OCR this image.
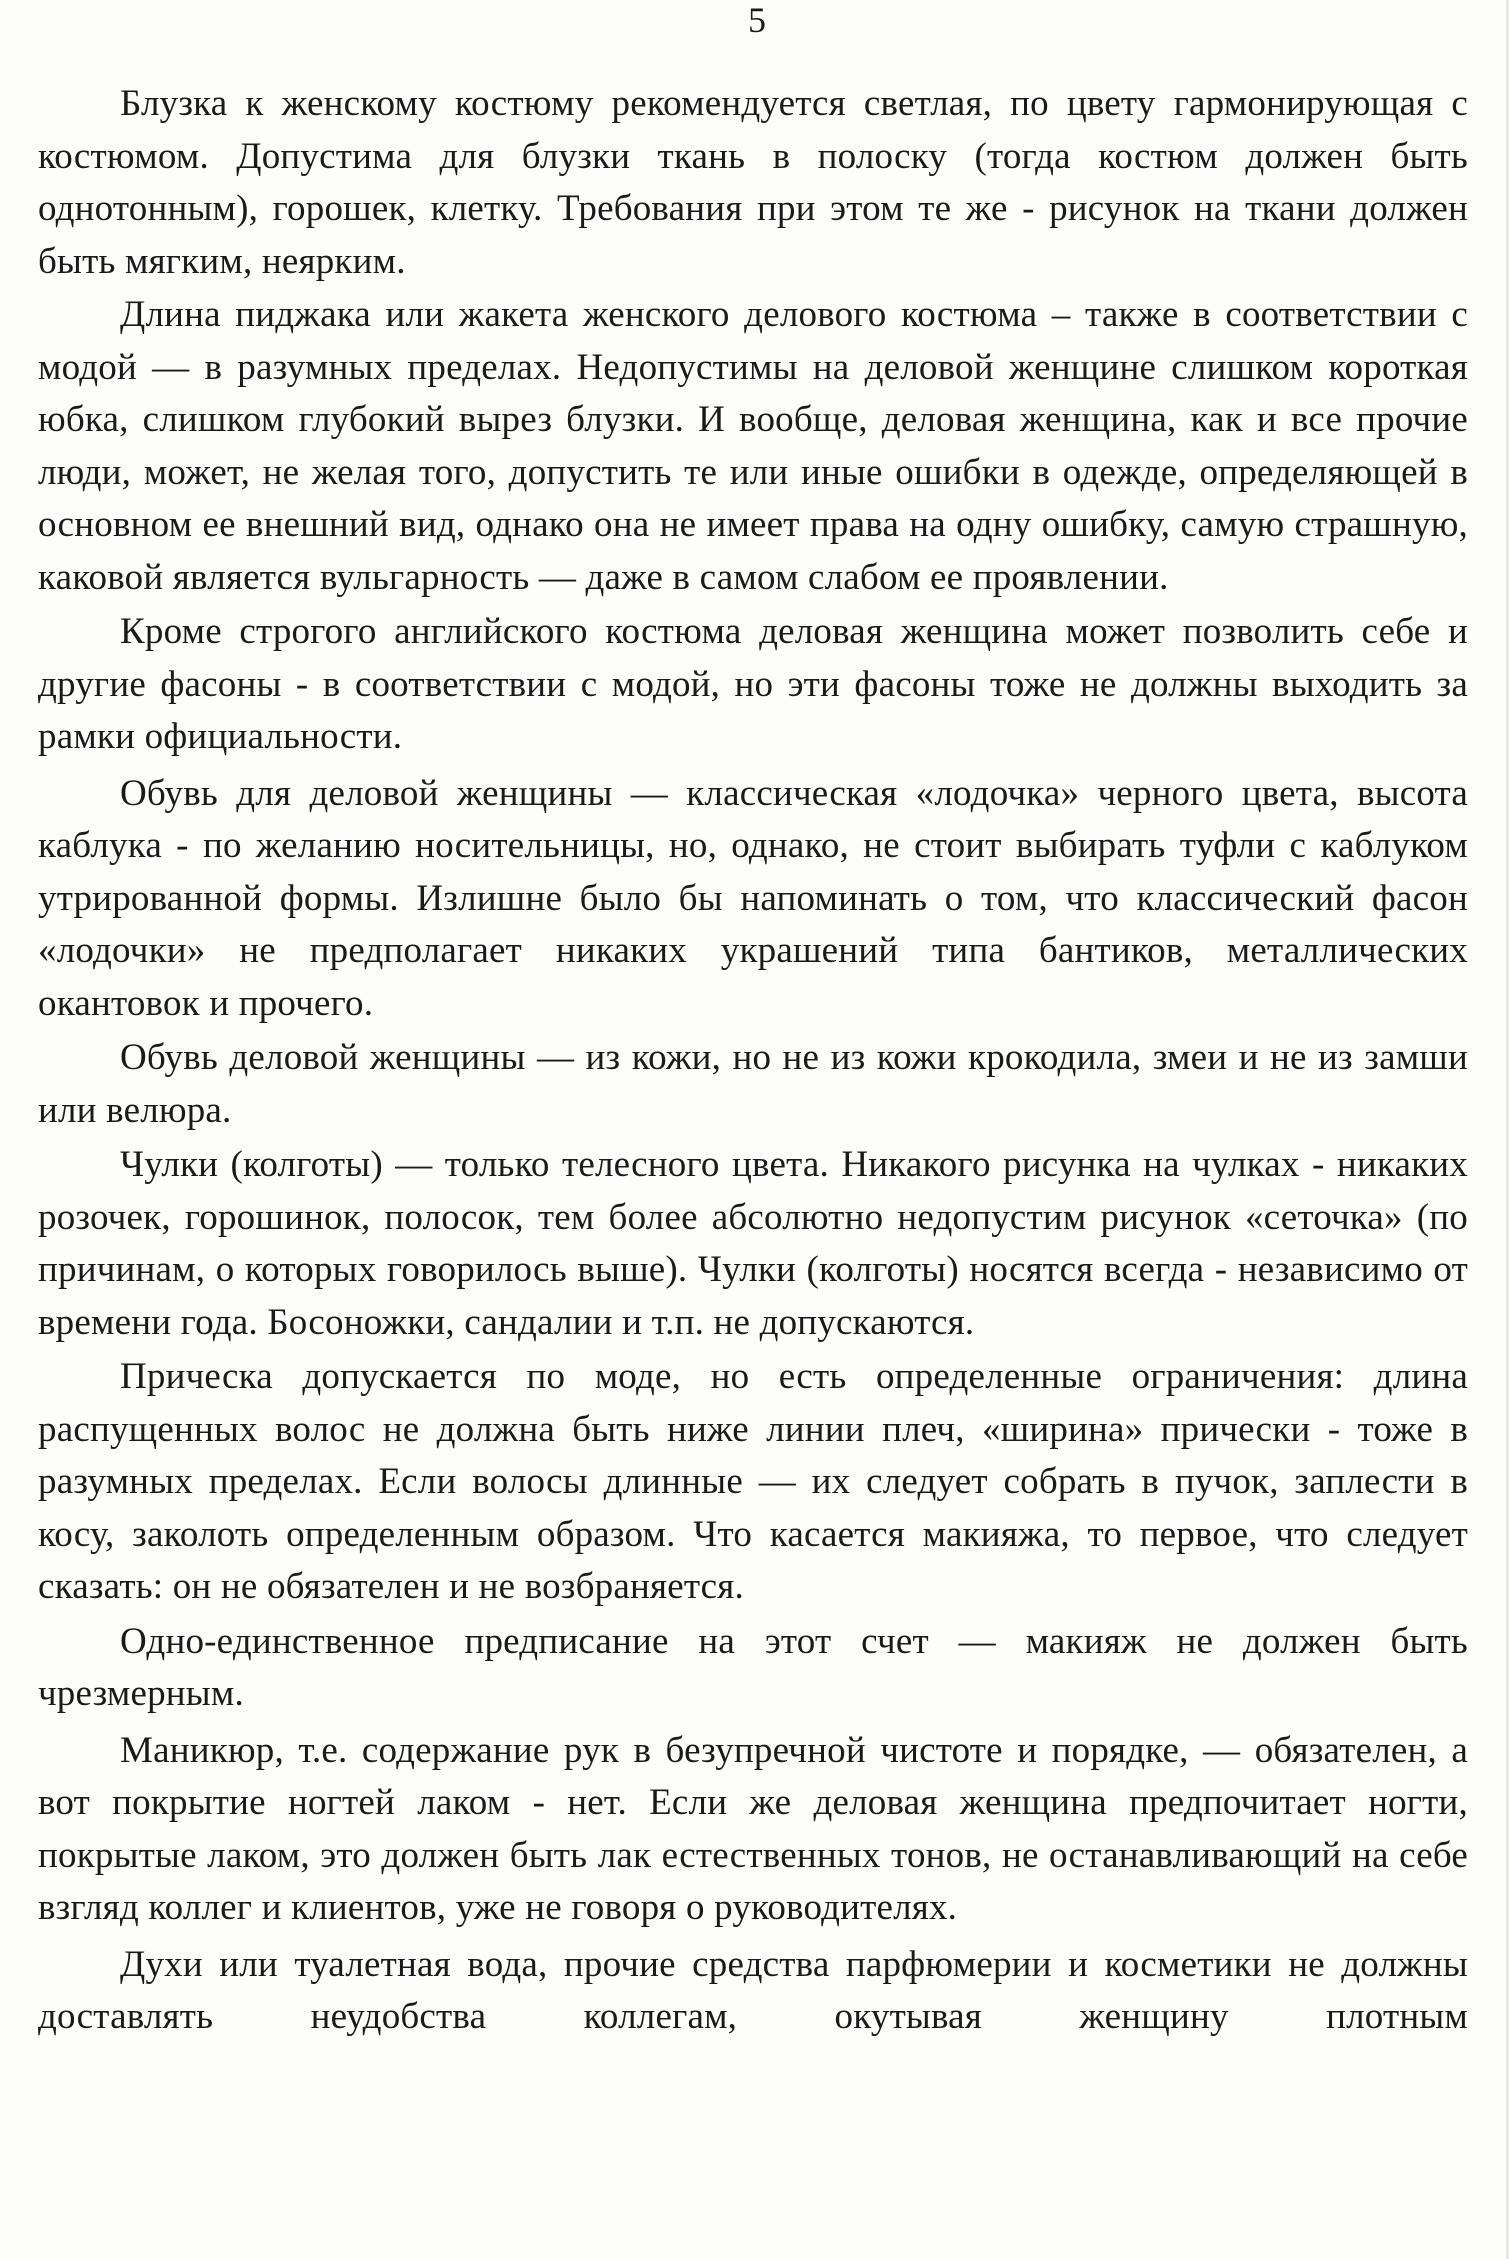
5

Блузка к женскому костюму рекомендуется светлая, по цвету гармонирующая с костюмом. Допустима для блузки ткань в полоску (тогда костюм должен быть однотонным), горошек, клетку. Требования при этом те же - рисунок на ткани должен быть мягким, неярким.

Длина пиджака или жакета женского делового костюма – также в соответствии с модой — в разумных пределах. Недопустимы на деловой женщине слишком короткая юбка, слишком глубокий вырез блузки. И вообще, деловая женщина, как и все прочие люди, может, не желая того, допустить те или иные ошибки в одежде, определяющей в основном ее внешний вид, однако она не имеет права на одну ошибку, самую страшную, каковой является вульгарность — даже в самом слабом ее проявлении.

Кроме строгого английского костюма деловая женщина может позволить себе и другие фасоны - в соответствии с модой, но эти фасоны тоже не должны выходить за рамки официальности.

Обувь для деловой женщины — классическая «лодочка» черного цвета, высота каблука - по желанию носительницы, но, однако, не стоит выбирать туфли с каблуком утрированной формы. Излишне было бы напоминать о том, что классический фасон «лодочки» не предполагает никаких украшений типа бантиков, металлических окантовок и прочего.

Обувь деловой женщины — из кожи, но не из кожи крокодила, змеи и не из замши или велюра.

Чулки (колготы) — только телесного цвета. Никакого рисунка на чулках - никаких розочек, горошинок, полосок, тем более абсолютно недопустим рисунок «сеточка» (по причинам, о которых говорилось выше). Чулки (колготы) носятся всегда - независимо от времени года. Босоножки, сандалии и т.п. не допускаются.

Прическа допускается по моде, но есть определенные ограничения: длина распущенных волос не должна быть ниже линии плеч, «ширина» прически - тоже в разумных пределах. Если волосы длинные — их следует собрать в пучок, заплести в косу, заколоть определенным образом. Что касается макияжа, то первое, что следует сказать: он не обязателен и не возбраняется.

Одно-единственное предписание на этот счет — макияж не должен быть чрезмерным.

Маникюр, т.е. содержание рук в безупречной чистоте и порядке, — обязателен, а вот покрытие ногтей лаком - нет. Если же деловая женщина предпочитает ногти, покрытые лаком, это должен быть лак естественных тонов, не останавливающий на себе взгляд коллег и клиентов, уже не говоря о руководителях.

Духи или туалетная вода, прочие средства парфюмерии и косметики не должны доставлять неудобства коллегам, окутывая женщину плотным
